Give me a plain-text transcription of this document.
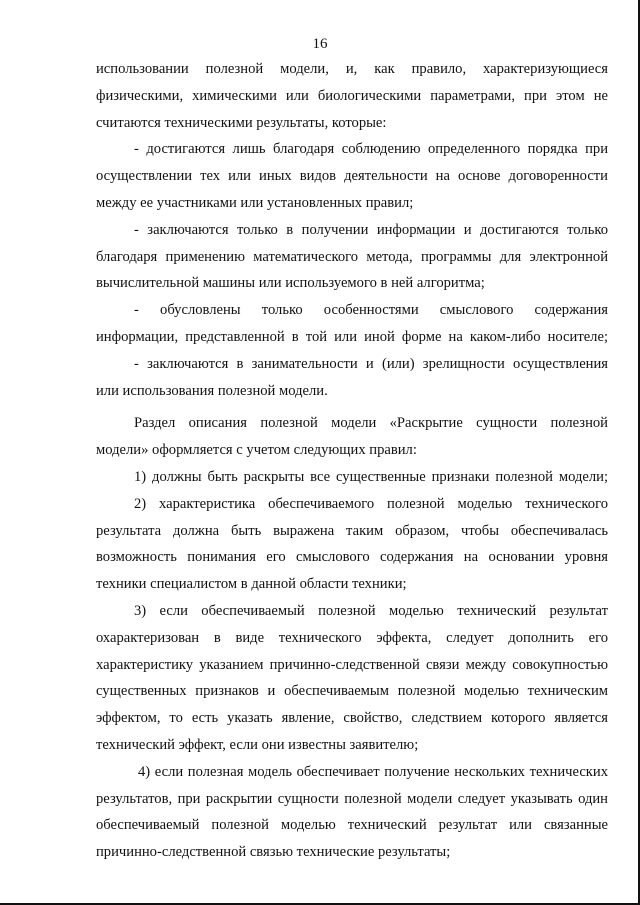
16
использовании полезной модели, и, как правило, характеризующиеся
физическими, химическими или биологическими параметрами, при этом не
считаются техническими результаты, которые:
- достигаются лишь благодаря соблюдению определенного порядка при
осуществлении тех или иных видов деятельности на основе договоренности
между ее участниками или установленных правил;
- заключаются только в получении информации и достигаются только
благодаря применению математического метода, программы для электронной
вычислительной машины или используемого в ней алгоритма;
- обусловлены только особенностями смыслового содержания
информации, представленной в той или иной форме на каком-либо носителе;
- заключаются в занимательности и (или) зрелищности осуществления
или использования полезной модели.
Раздел описания полезной модели «Раскрытие сущности полезной
модели» оформляется с учетом следующих правил:
1) должны быть раскрыты все существенные признаки полезной модели;
2) характеристика обеспечиваемого полезной моделью технического
результата должна быть выражена таким образом, чтобы обеспечивалась
возможность понимания его смыслового содержания на основании уровня
техники специалистом в данной области техники;
3) если обеспечиваемый полезной моделью технический результат
охарактеризован в виде технического эффекта, следует дополнить его
характеристику указанием причинно-следственной связи между совокупностью
существенных признаков и обеспечиваемым полезной моделью техническим
эффектом, то есть указать явление, свойство, следствием которого является
технический эффект, если они известны заявителю;
4) если полезная модель обеспечивает получение нескольких технических
результатов, при раскрытии сущности полезной модели следует указывать один
обеспечиваемый полезной моделью технический результат или связанные
причинно-следственной связью технические результаты;
